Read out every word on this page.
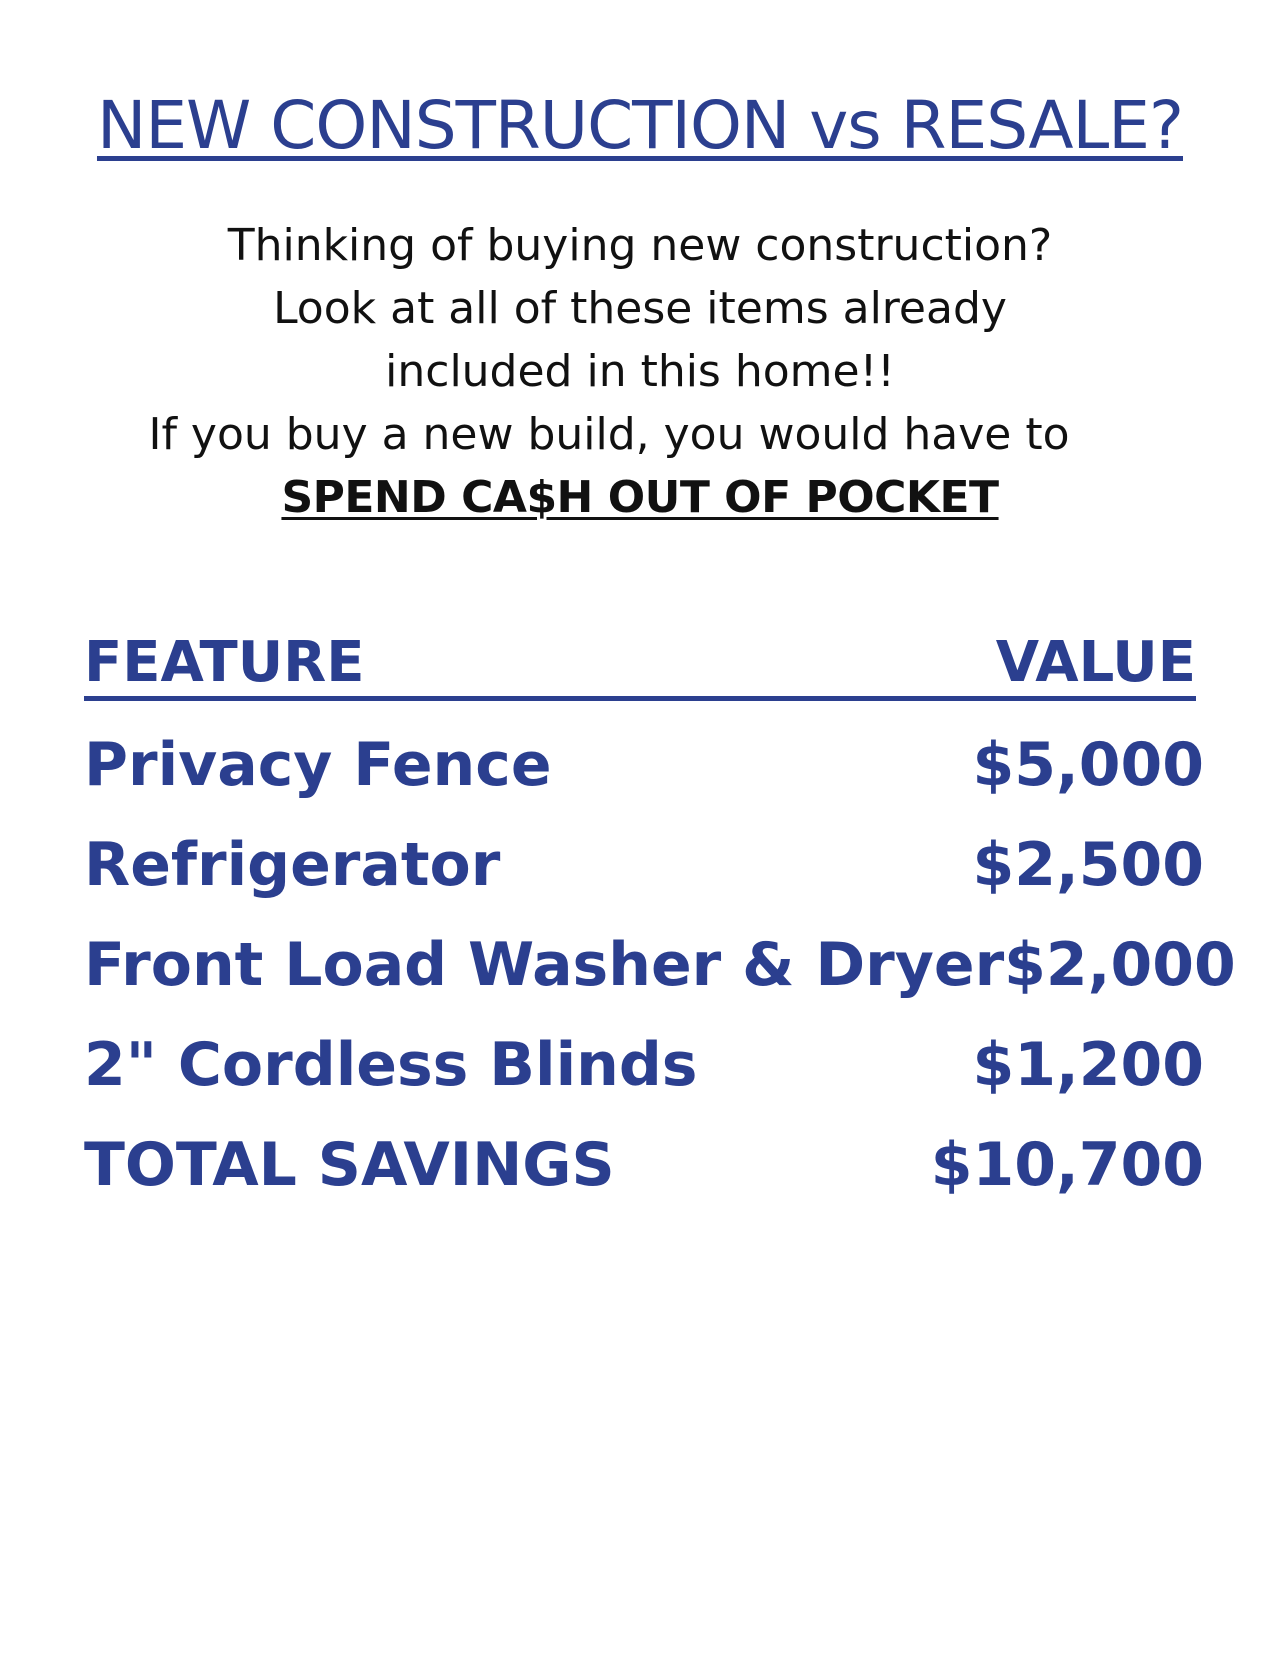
NEW CONSTRUCTION vs RESALE?
Thinking of buying new construction?
Look at all of these items already
included in this home!!
If you buy a new build, you would have to
SPEND CA$H OUT OF POCKET
FEATURE	VALUE
Privacy Fence	$5,000
Refrigerator	$2,500
Front Load Washer & Dryer $2,000
2" Cordless Blinds	$1,200
TOTAL SAVINGS	$10,700
